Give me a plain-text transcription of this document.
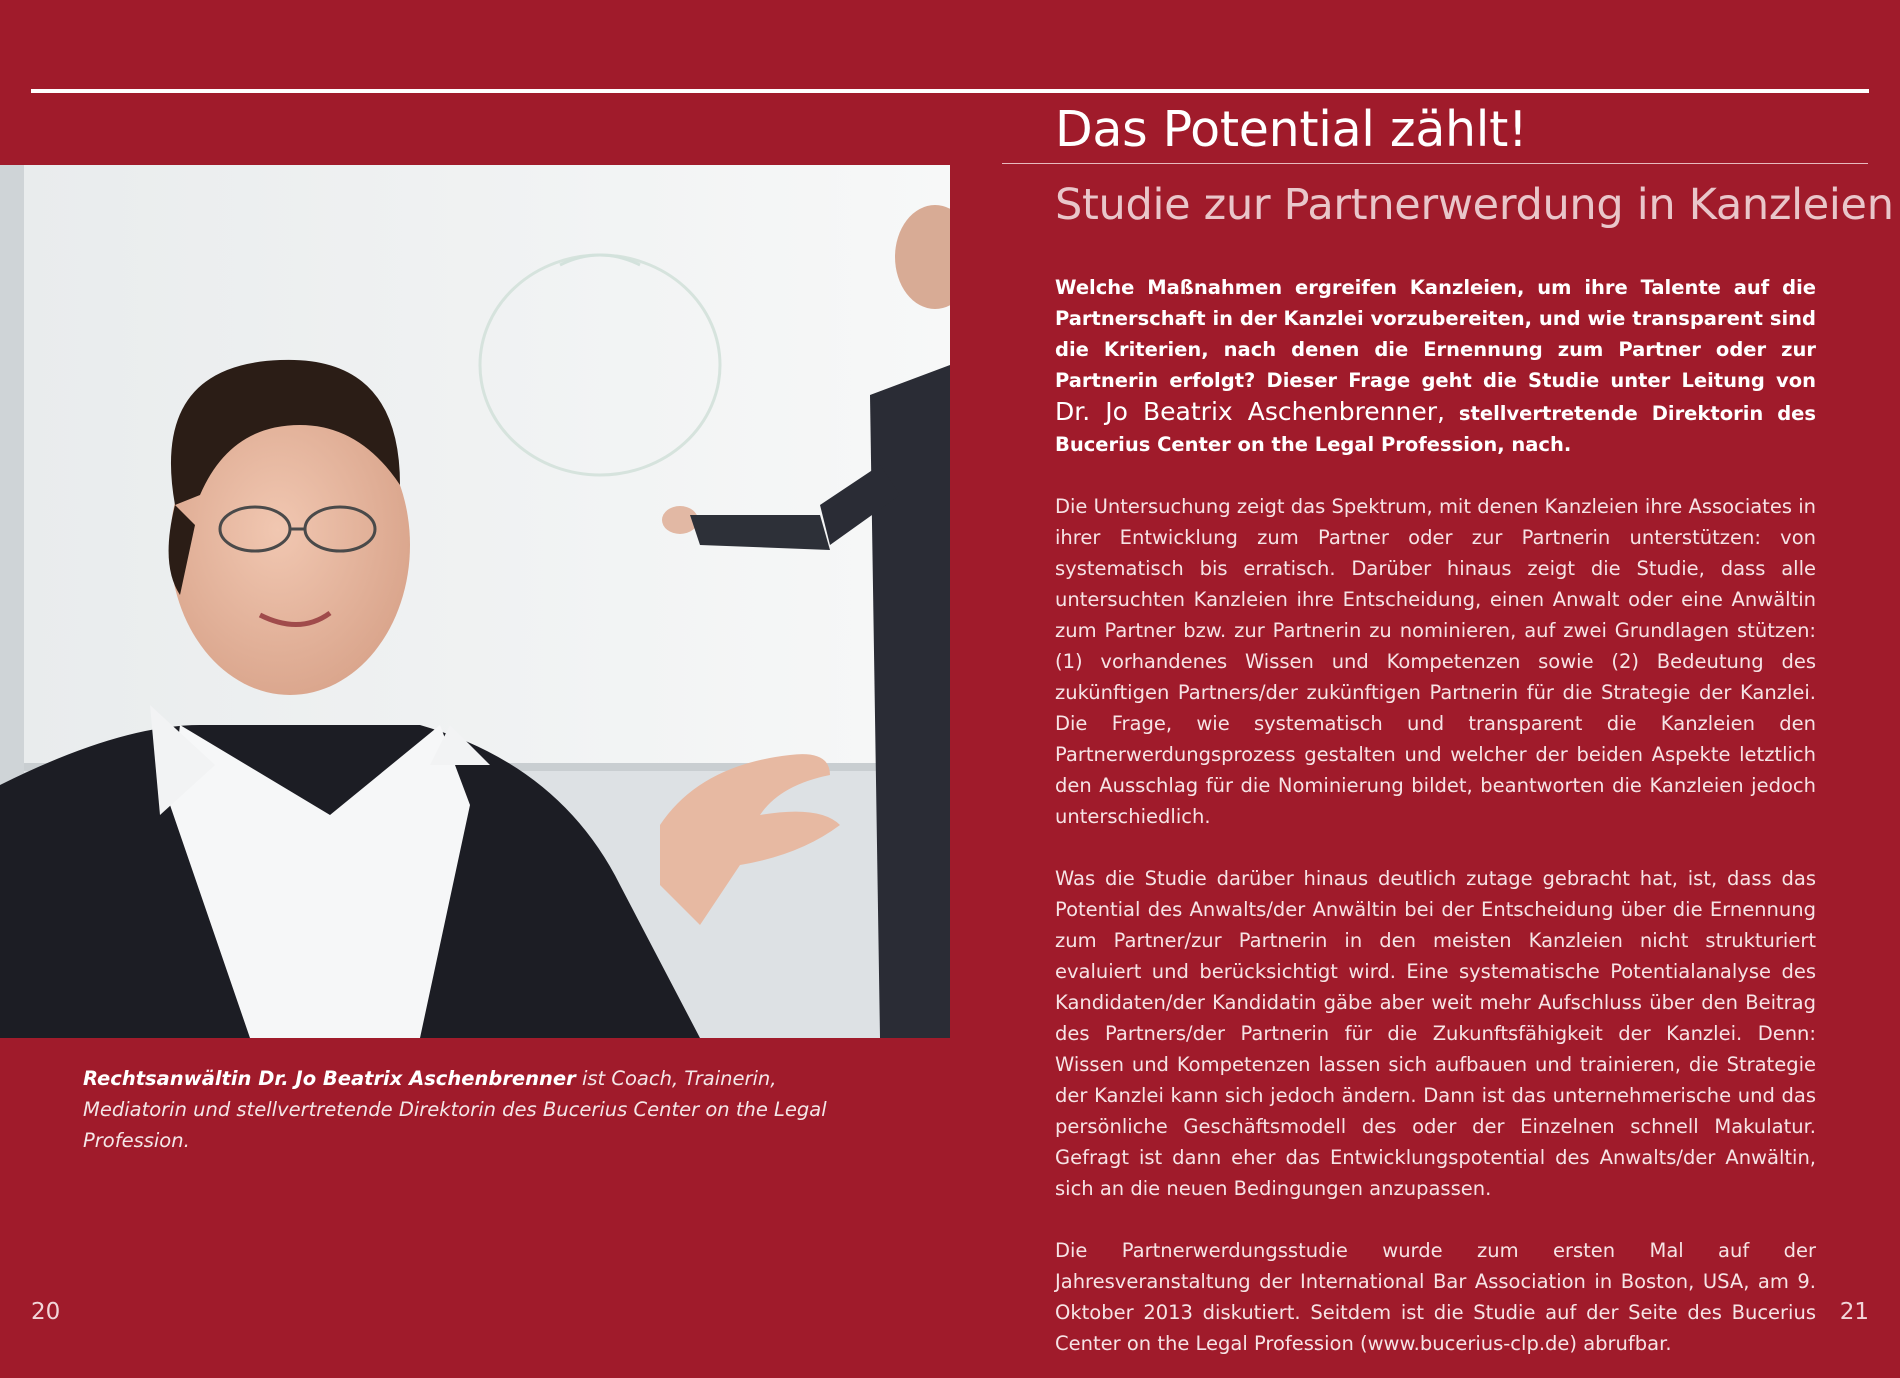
Rechtsanwältin Dr. Jo Beatrix Aschenbrenner ist Coach, Trainerin, Mediatorin und stellvertretende Direktorin des Bucerius Center on the Legal Profession.

Das Potential zählt!
Studie zur Partnerwerdung in Kanzleien

Welche Maßnahmen ergreifen Kanzleien, um ihre Talente auf die Partnerschaft in der Kanzlei vorzubereiten, und wie transparent sind die Kriterien, nach denen die Ernennung zum Partner oder zur Partnerin erfolgt? Dieser Frage geht die Studie unter Leitung von Dr. Jo Beatrix Aschenbrenner, stellvertretende Direktorin des Bucerius Center on the Legal Profession, nach.

Die Untersuchung zeigt das Spektrum, mit denen Kanzleien ihre Associates in ihrer Entwicklung zum Partner oder zur Partnerin unterstützen: von systematisch bis erratisch. Darüber hinaus zeigt die Studie, dass alle untersuchten Kanzleien ihre Entscheidung, einen Anwalt oder eine Anwältin zum Partner bzw. zur Partnerin zu nominieren, auf zwei Grundlagen stützen: (1) vorhandenes Wissen und Kompetenzen sowie (2) Bedeutung des zukünftigen Partners/der zukünftigen Partnerin für die Strategie der Kanzlei. Die Frage, wie systematisch und transparent die Kanzleien den Partnerwerdungsprozess gestalten und welcher der beiden Aspekte letztlich den Ausschlag für die Nominierung bildet, beantworten die Kanzleien jedoch unterschiedlich.

Was die Studie darüber hinaus deutlich zutage gebracht hat, ist, dass das Potential des Anwalts/der Anwältin bei der Entscheidung über die Ernennung zum Partner/zur Partnerin in den meisten Kanzleien nicht strukturiert evaluiert und berücksichtigt wird. Eine systematische Potentialanalyse des Kandidaten/der Kandidatin gäbe aber weit mehr Aufschluss über den Beitrag des Partners/der Partnerin für die Zukunftsfähigkeit der Kanzlei. Denn: Wissen und Kompetenzen lassen sich aufbauen und trainieren, die Strategie der Kanzlei kann sich jedoch ändern. Dann ist das unternehmerische und das persönliche Geschäftsmodell des oder der Einzelnen schnell Makulatur. Gefragt ist dann eher das Entwicklungspotential des Anwalts/der Anwältin, sich an die neuen Bedingungen anzupassen.

Die Partnerwerdungsstudie wurde zum ersten Mal auf der Jahresveranstaltung der International Bar Association in Boston, USA, am 9. Oktober 2013 diskutiert. Seitdem ist die Studie auf der Seite des Bucerius Center on the Legal Profession (www.bucerius-clp.de) abrufbar.

20	21
